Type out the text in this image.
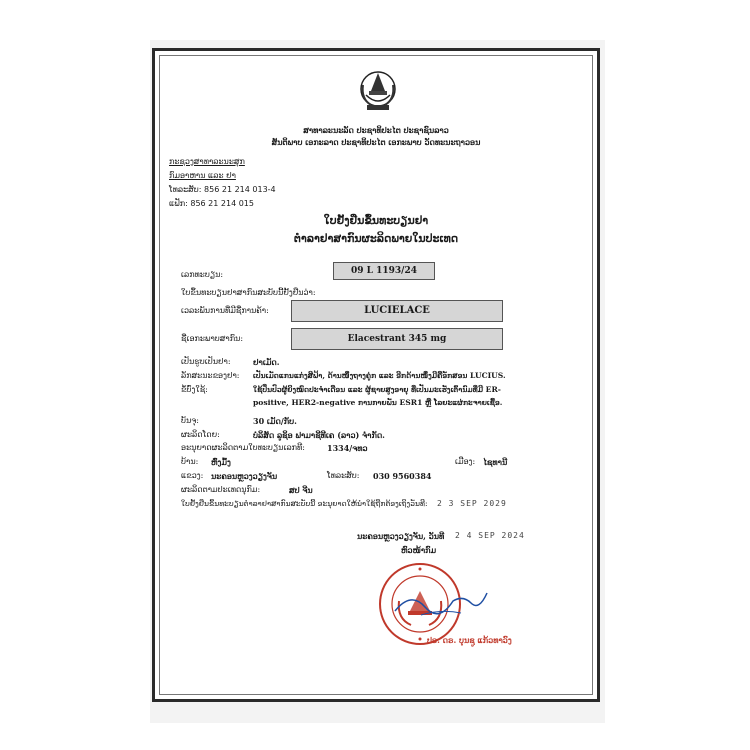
ສາທາລະນະລັດ ປະຊາທິປະໄຕ ປະຊາຊົນລາວ
ສັນຕິພາບ ເອກະລາດ ປະຊາທິປະໄຕ ເອກະພາບ ວັດທະນະຖາວອນ
ກະຊວງສາທາລະນະສຸກ
ກົມອາຫານ ແລະ ຢາ
ໂທລະສັບ: 856 21 214 013-4
ແຟັກ: 856 21 214 015
ໃບຢັ້ງຢືນຂຶ້ນທະບຽນຢາ
ຕຳລາຢາສາກົນຜະລິດພາຍໃນປະເທດ
ເລກທະບຽນ:	09 L 1193/24
ໃບຂຶ້ນທະບຽນຢາສາກົນສະບັບນີ້ຢັ້ງຢືນວ່າ:
ເວລະພັນການທີ່ມີຊື່ການຄ້າ:	LUCIELACE
ຊື່ເອກະພາບສາກົນ:	Elacestrant 345 mg
ເປັນຮູບເປັນຢາ:	ຢາເມັດ.
ລັກສະນະຂອງຢາ: ເປັນເມັດແກນແກ່ງສີຟ້າ, ດ້ານໜຶ່ງຖາງຄູ່ກ ແລະ ອີກດ້ານໜຶ່ງມີຄືອັກສອນ LUCIUS.
ຂໍ້ບົ່ງໃຊ້:	ໃຊ້ປິ່ນປົວຜູ້ຍິງໝົດປະຈຳເດືອນ ແລະ ຜູ້ຊາຍສູງອາຍຸ ທີ່ເປັນມະເຮັງເຕົ້ານົມທີ່ມີ ER-
positive, HER2-negative ການກາຍພັນ ESR1 ຫຼື ໂລຍະແຜ່ກະຈາຍເຊື້ອ.
ບັນຈຸ:	30 ເມັດ/ກັບ.
ຜະລິດໂດຍ:	ບໍລິສັດ ລູຊິອ ຟາມາຊີທີເຄ (ລາວ) ຈຳກັດ.
ອະນຸຍາດຜະລິດຕາມໃບທະບຽນເລກທີ:	1334/ຈທວ
ບ້ານ: ຫົ່ງມົ້ງ	ເມືອງ: ໄຊທານີ
ແຂວງ: ນະຄອນຫຼວງວຽງຈັນ	ໂທລະສັບ: 030 9560384
ຜະລິດຕາມປະເທດນຸກົມ:	ສປ ຈີນ
ໃບຢັ້ງຢືນຂຶ້ນທະບຽນຕຳລາຢາສາກົນສະບັບນີ້ ອະນຸຍາດໃຫ້ນຳໃຊ້ຖືກຕ້ອງເຖິງວັນທີ: 2 3 SEP 2029
ນະຄອນຫຼວງວຽງຈັນ, ວັນທີ 2 4 SEP 2024
ຫົວໜ້າກົມ
ປອ. ດຣ. ບຸນຊູ ແກ້ວທາວົງ
